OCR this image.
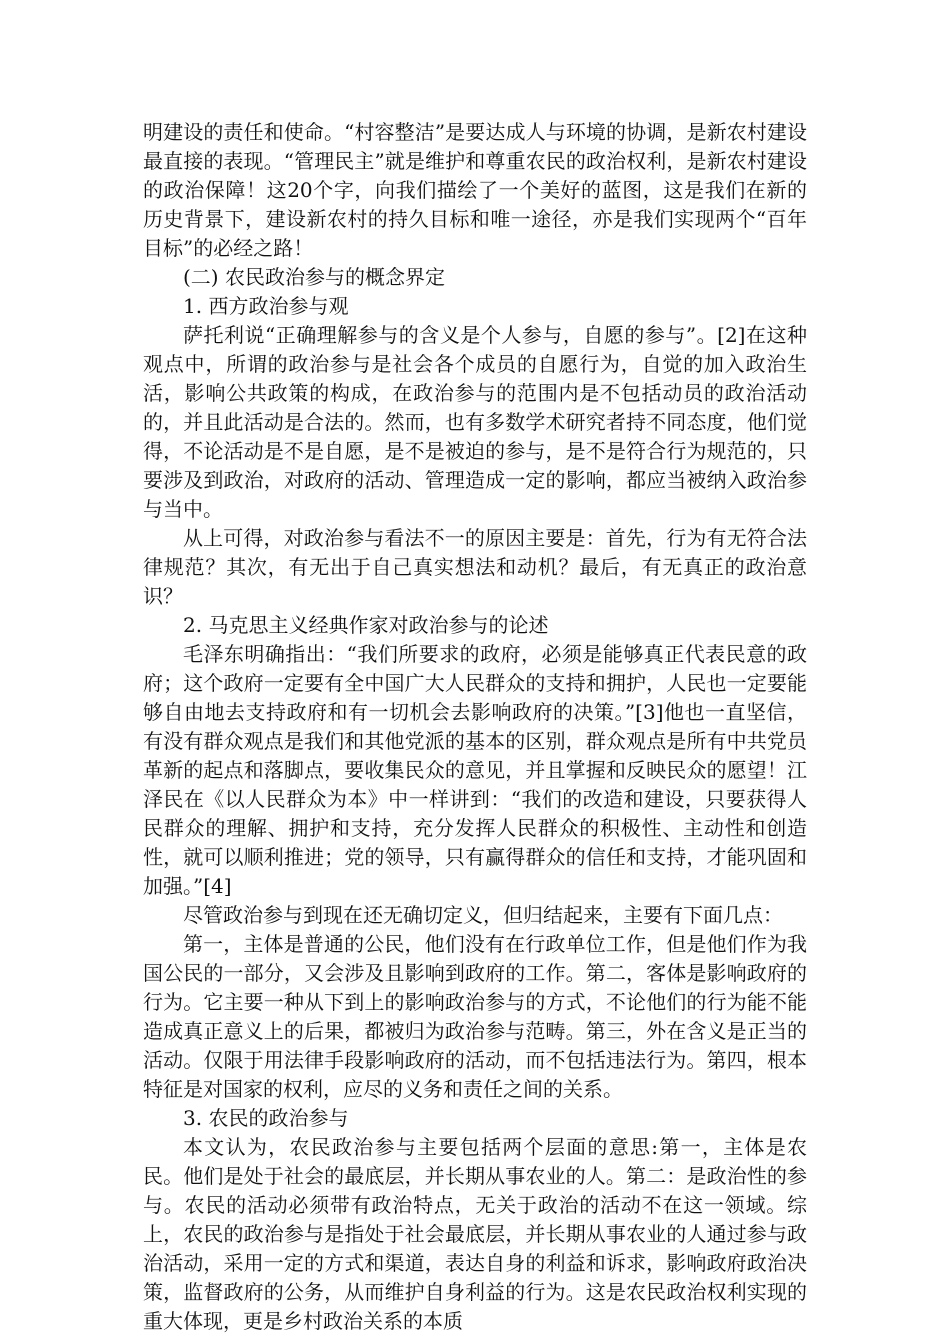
明建设的责任和使命。“村容整洁”是要达成人与环境的协调，是新农村建设最直接的表现。“管理民主”就是维护和尊重农民的政治权利，是新农村建设的政治保障！这20个字，向我们描绘了一个美好的蓝图，这是我们在新的历史背景下，建设新农村的持久目标和唯一途径，亦是我们实现两个“百年目标”的必经之路！

(二) 农民政治参与的概念界定

1. 西方政治参与观

萨托利说“正确理解参与的含义是个人参与，自愿的参与”。[2]在这种观点中，所谓的政治参与是社会各个成员的自愿行为，自觉的加入政治生活，影响公共政策的构成，在政治参与的范围内是不包括动员的政治活动的，并且此活动是合法的。然而，也有多数学术研究者持不同态度，他们觉得，不论活动是不是自愿，是不是被迫的参与，是不是符合行为规范的，只要涉及到政治，对政府的活动、管理造成一定的影响，都应当被纳入政治参与当中。

从上可得，对政治参与看法不一的原因主要是：首先，行为有无符合法律规范？其次，有无出于自己真实想法和动机？最后，有无真正的政治意识？

2. 马克思主义经典作家对政治参与的论述

毛泽东明确指出：“我们所要求的政府，必须是能够真正代表民意的政府；这个政府一定要有全中国广大人民群众的支持和拥护，人民也一定要能够自由地去支持政府和有一切机会去影响政府的决策。”[3]他也一直坚信，有没有群众观点是我们和其他党派的基本的区别，群众观点是所有中共党员革新的起点和落脚点，要收集民众的意见，并且掌握和反映民众的愿望！江泽民在《以人民群众为本》中一样讲到：“我们的改造和建设，只要获得人民群众的理解、拥护和支持，充分发挥人民群众的积极性、主动性和创造性，就可以顺利推进；党的领导，只有赢得群众的信任和支持，才能巩固和加强。”[4]

尽管政治参与到现在还无确切定义，但归结起来，主要有下面几点：

第一，主体是普通的公民，他们没有在行政单位工作，但是他们作为我国公民的一部分，又会涉及且影响到政府的工作。第二，客体是影响政府的行为。它主要一种从下到上的影响政治参与的方式，不论他们的行为能不能造成真正意义上的后果，都被归为政治参与范畴。第三，外在含义是正当的活动。仅限于用法律手段影响政府的活动，而不包括违法行为。第四，根本特征是对国家的权利，应尽的义务和责任之间的关系。

3. 农民的政治参与

本文认为，农民政治参与主要包括两个层面的意思:第一，主体是农民。他们是处于社会的最底层，并长期从事农业的人。第二：是政治性的参与。农民的活动必须带有政治特点，无关于政治的活动不在这一领域。综上，农民的政治参与是指处于社会最底层，并长期从事农业的人通过参与政治活动，采用一定的方式和渠道，表达自身的利益和诉求，影响政府政治决策，监督政府的公务，从而维护自身利益的行为。这是农民政治权利实现的重大体现，更是乡村政治关系的本质
